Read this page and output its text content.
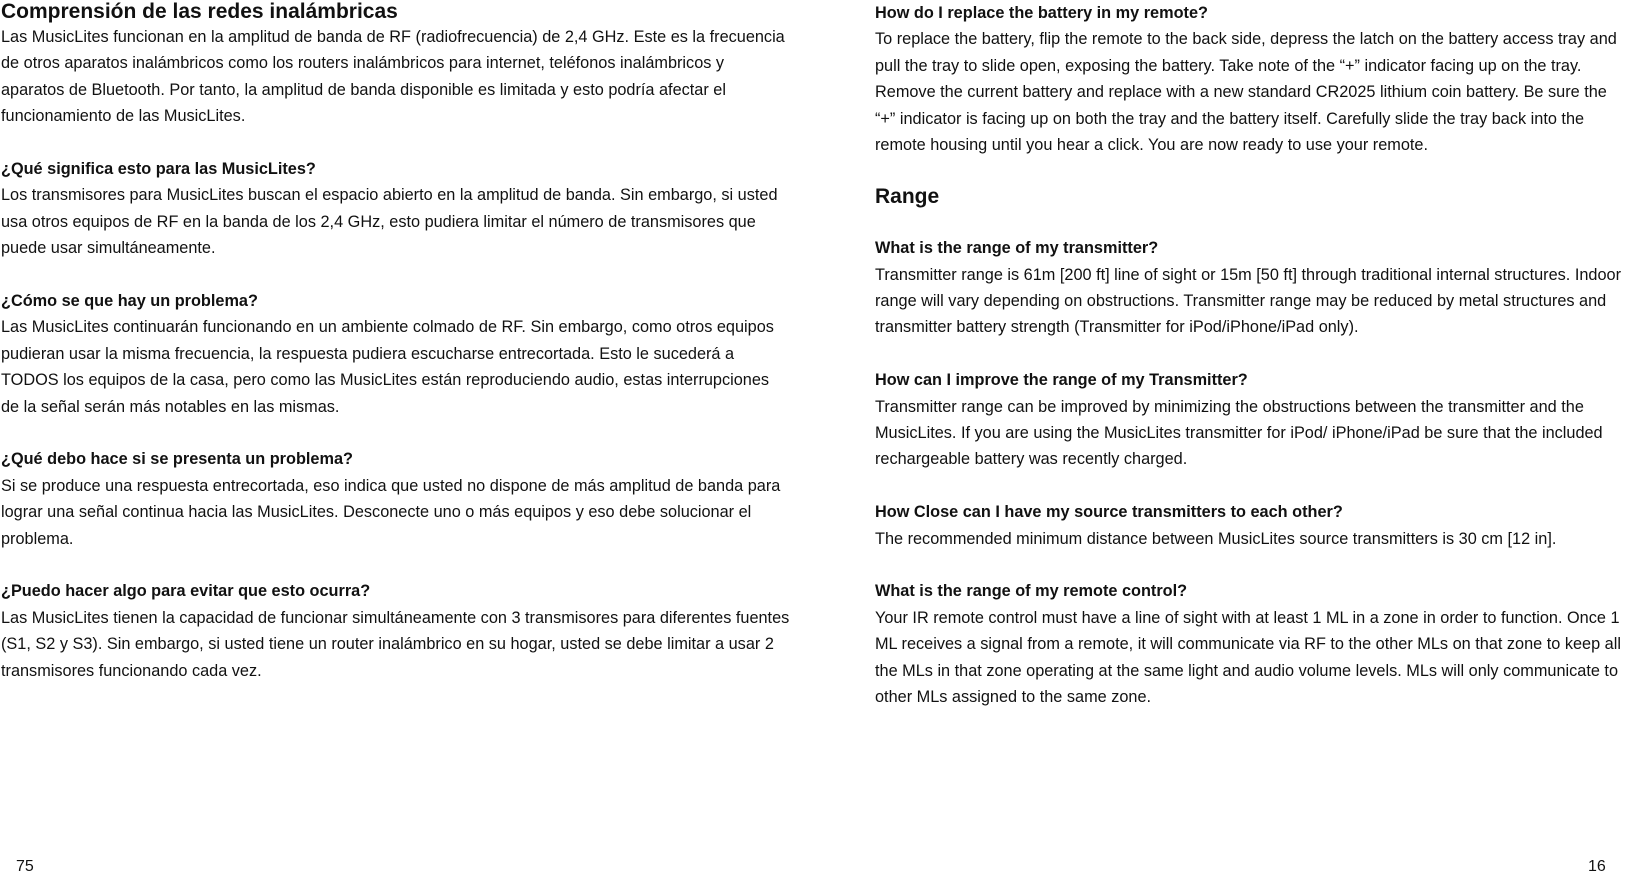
Comprensión de las redes inalámbricas

Las MusicLites funcionan en la amplitud de banda de RF (radiofrecuencia) de 2,4 GHz. Este es la frecuencia de otros aparatos inalámbricos como los routers inalámbricos para internet, teléfonos inalámbricos y aparatos de Bluetooth. Por tanto, la amplitud de banda disponible es limitada y esto podría afectar el funcionamiento de las MusicLites.

¿Qué significa esto para las MusicLites?

Los transmisores para MusicLites buscan el espacio abierto en la amplitud de banda. Sin embargo, si usted usa otros equipos de RF en la banda de los 2,4 GHz, esto pudiera limitar el número de transmisores que puede usar simultáneamente.

¿Cómo se que hay un problema?

Las MusicLites continuarán funcionando en un ambiente colmado de RF. Sin embargo, como otros equipos pudieran usar la misma frecuencia, la respuesta pudiera escucharse entrecortada. Esto le sucederá a TODOS los equipos de la casa, pero como las MusicLites están reproduciendo audio, estas interrupciones de la señal serán más notables en las mismas.

¿Qué debo hace si se presenta un problema?

Si se produce una respuesta entrecortada, eso indica que usted no dispone de más amplitud de banda para lograr una señal continua hacia las MusicLites. Desconecte uno o más equipos y eso debe solucionar el problema.

¿Puedo hacer algo para evitar que esto ocurra?

Las MusicLites tienen la capacidad de funcionar simultáneamente con 3 transmisores para diferentes fuentes (S1, S2 y S3). Sin embargo, si usted tiene un router inalámbrico en su hogar, usted se debe limitar a usar 2 transmisores funcionando cada vez.

75

How do I replace the battery in my remote?

To replace the battery, flip the remote to the back side, depress the latch on the battery access tray and pull the tray to slide open, exposing the battery. Take note of the “+” indicator facing up on the tray. Remove the current battery and replace with a new standard CR2025 lithium coin battery. Be sure the “+” indicator is facing up on both the tray and the battery itself. Carefully slide the tray back into the remote housing until you hear a click. You are now ready to use your remote.

Range

What is the range of my transmitter?

Transmitter range is 61m [200 ft] line of sight or 15m [50 ft] through traditional internal structures. Indoor range will vary depending on obstructions. Transmitter range may be reduced by metal structures and transmitter battery strength (Transmitter for iPod/iPhone/iPad only).

How can I improve the range of my Transmitter?

Transmitter range can be improved by minimizing the obstructions between the transmitter and the MusicLites. If you are using the MusicLites transmitter for iPod/ iPhone/iPad be sure that the included rechargeable battery was recently charged.

How Close can I have my source transmitters to each other?

The recommended minimum distance between MusicLites source transmitters is 30 cm [12 in].

What is the range of my remote control?

Your IR remote control must have a line of sight with at least 1 ML in a zone in order to function. Once 1 ML receives a signal from a remote, it will communicate via RF to the other MLs on that zone to keep all the MLs in that zone operating at the same light and audio volume levels. MLs will only communicate to other MLs assigned to the same zone.

16
